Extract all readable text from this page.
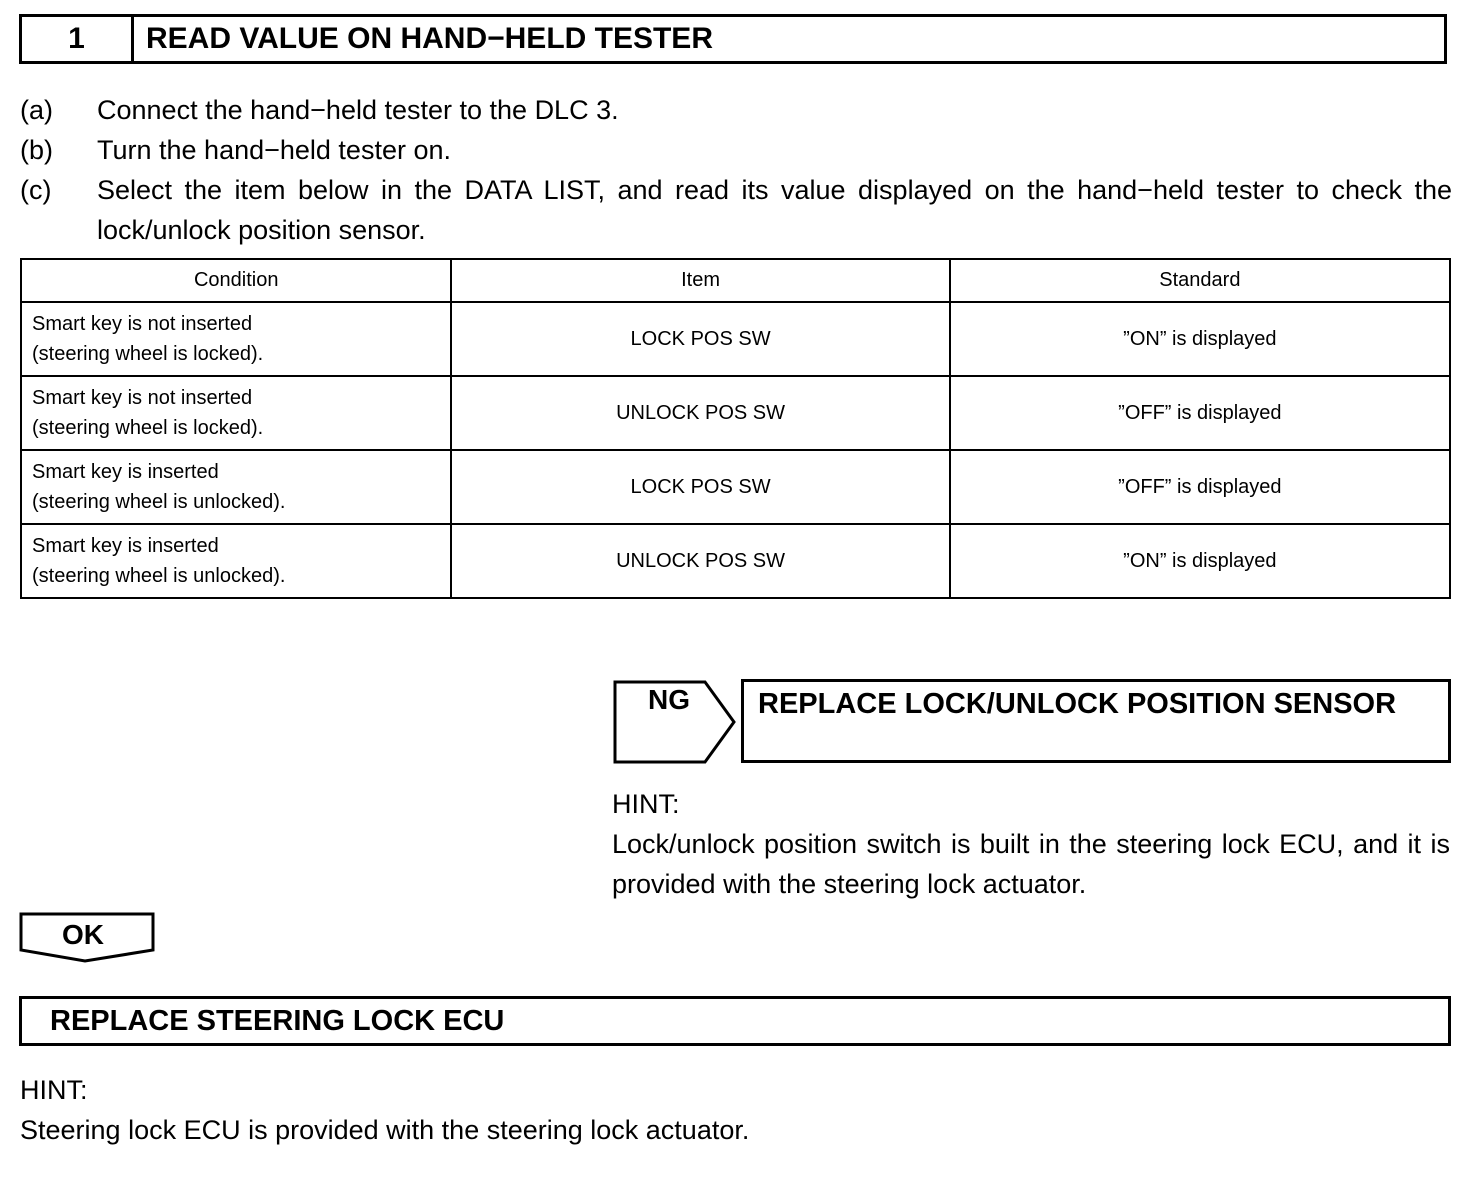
1	READ VALUE ON HAND−HELD TESTER
(a)	Connect the hand−held tester to the DLC 3.
(b)	Turn the hand−held tester on.
(c)	Select the item below in the DATA LIST, and read its value displayed on the hand−held tester to check the lock/unlock position sensor.
Condition	Item	Standard
Smart key is not inserted
(steering wheel is locked).	LOCK POS SW	”ON” is displayed
Smart key is not inserted
(steering wheel is locked).	UNLOCK POS SW	”OFF” is displayed
Smart key is inserted
(steering wheel is unlocked).	LOCK POS SW	”OFF” is displayed
Smart key is inserted
(steering wheel is unlocked).	UNLOCK POS SW	”ON” is displayed
NG	REPLACE LOCK/UNLOCK POSITION SENSOR
HINT:
Lock/unlock position switch is built in the steering lock ECU, and it is provided with the steering lock actuator.
OK
REPLACE STEERING LOCK ECU
HINT:
Steering lock ECU is provided with the steering lock actuator.
